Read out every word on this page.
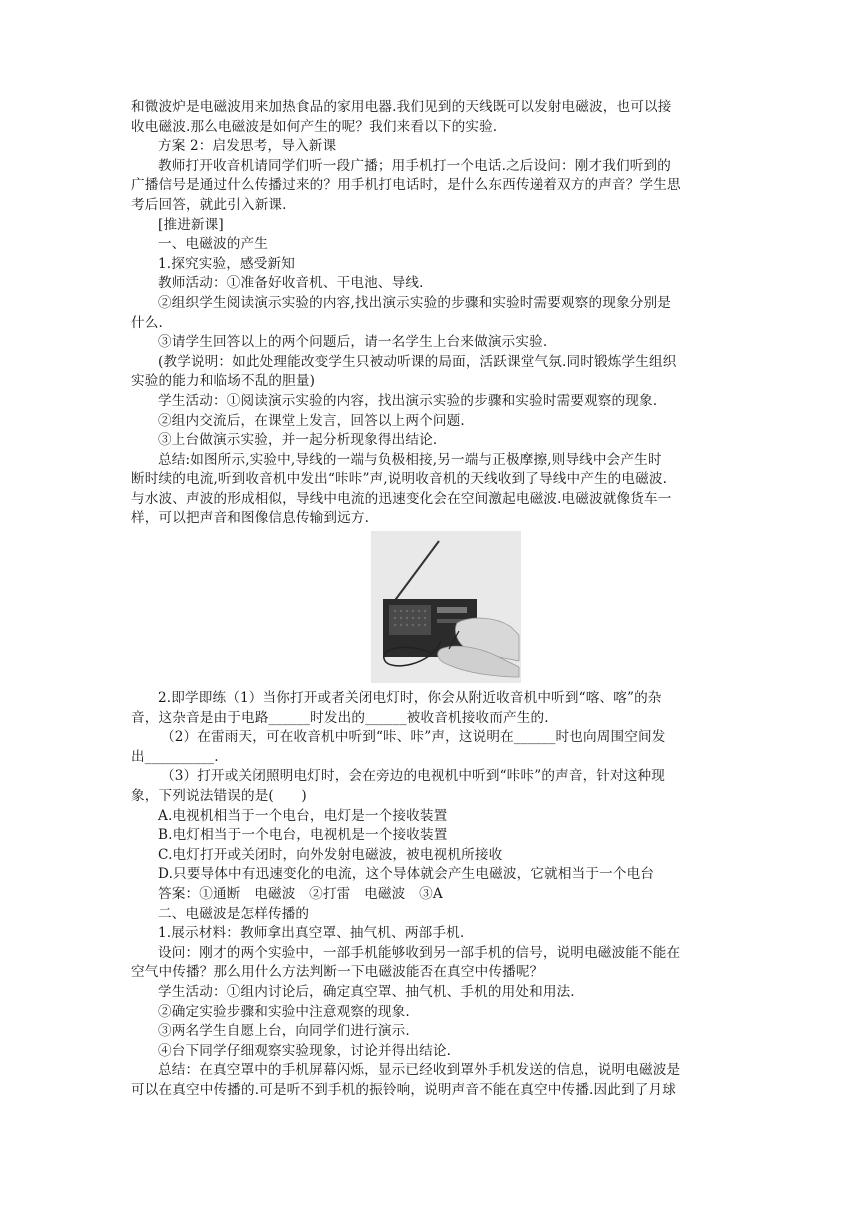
和微波炉是电磁波用来加热食品的家用电器.我们见到的天线既可以发射电磁波，也可以接
收电磁波.那么电磁波是如何产生的呢？我们来看以下的实验.
方案 2：启发思考，导入新课
教师打开收音机请同学们听一段广播；用手机打一个电话.之后设问：刚才我们听到的
广播信号是通过什么传播过来的？用手机打电话时，是什么东西传递着双方的声音？学生思
考后回答，就此引入新课.
[推进新课]
一、电磁波的产生
1.探究实验，感受新知
教师活动：①准备好收音机、干电池、导线.
②组织学生阅读演示实验的内容,找出演示实验的步骤和实验时需要观察的现象分别是
什么.
③请学生回答以上的两个问题后，请一名学生上台来做演示实验.
(教学说明：如此处理能改变学生只被动听课的局面，活跃课堂气氛.同时锻炼学生组织
实验的能力和临场不乱的胆量)
学生活动：①阅读演示实验的内容，找出演示实验的步骤和实验时需要观察的现象.
②组内交流后，在课堂上发言，回答以上两个问题.
③上台做演示实验，并一起分析现象得出结论.
总结:如图所示,实验中,导线的一端与负极相接,另一端与正极摩擦,则导线中会产生时
断时续的电流,听到收音机中发出“咔咔”声,说明收音机的天线收到了导线中产生的电磁波.
与水波、声波的形成相似，导线中电流的迅速变化会在空间激起电磁波.电磁波就像货车一
样，可以把声音和图像信息传输到远方.
2.即学即练（1）当你打开或者关闭电灯时，你会从附近收音机中听到“喀、喀”的杂
音，这杂音是由于电路______时发出的______被收音机接收而产生的.
（2）在雷雨天，可在收音机中听到“咔、咔”声，这说明在______时也向周围空间发
出__________.
（3）打开或关闭照明电灯时，会在旁边的电视机中听到“咔咔”的声音，针对这种现
象，下列说法错误的是(　　)
A.电视机相当于一个电台，电灯是一个接收装置
B.电灯相当于一个电台，电视机是一个接收装置
C.电灯打开或关闭时，向外发射电磁波，被电视机所接收
D.只要导体中有迅速变化的电流，这个导体就会产生电磁波，它就相当于一个电台
答案：①通断　电磁波　②打雷　电磁波　③A
二、电磁波是怎样传播的
1.展示材料：教师拿出真空罩、抽气机、两部手机.
设问：刚才的两个实验中，一部手机能够收到另一部手机的信号，说明电磁波能不能在
空气中传播？那么用什么方法判断一下电磁波能否在真空中传播呢？
学生活动：①组内讨论后，确定真空罩、抽气机、手机的用处和用法.
②确定实验步骤和实验中注意观察的现象.
③两名学生自愿上台，向同学们进行演示.
④台下同学仔细观察实验现象，讨论并得出结论.
总结：在真空罩中的手机屏幕闪烁，显示已经收到罩外手机发送的信息，说明电磁波是
可以在真空中传播的.可是听不到手机的振铃响，说明声音不能在真空中传播.因此到了月球
